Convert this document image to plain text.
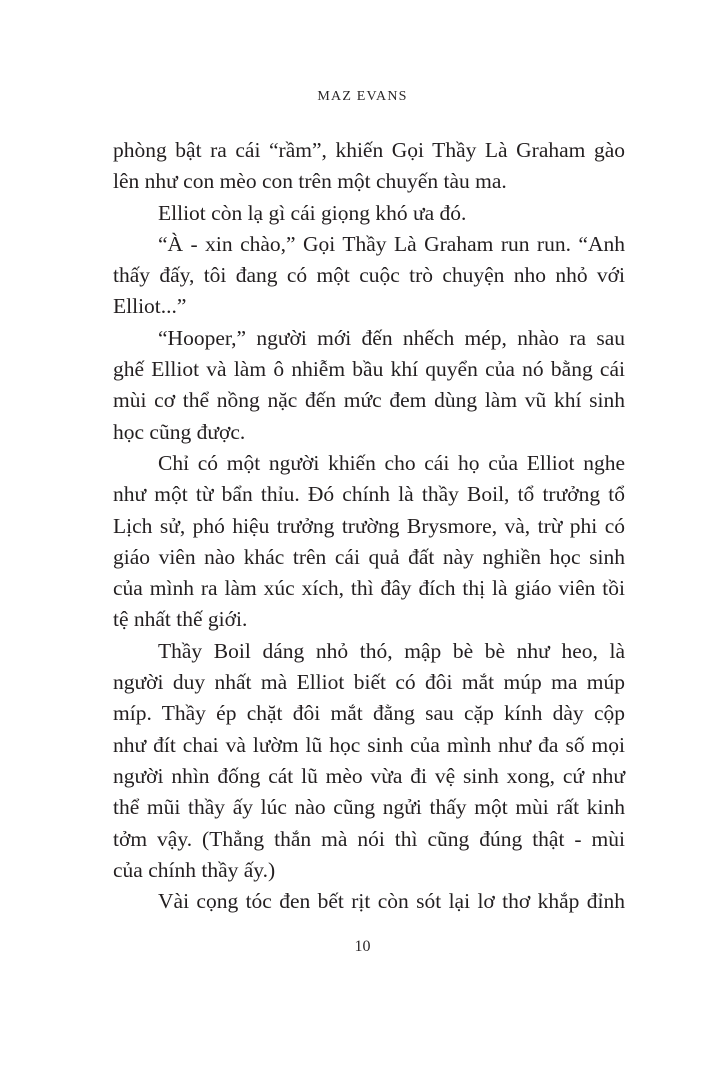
MAZ EVANS
phòng bật ra cái “rầm”, khiến Gọi Thầy Là Graham gào
lên như con mèo con trên một chuyến tàu ma.
Elliot còn lạ gì cái giọng khó ưa đó.
“À - xin chào,” Gọi Thầy Là Graham run run. “Anh
thấy đấy, tôi đang có một cuộc trò chuyện nho nhỏ với
Elliot...”
“Hooper,” người mới đến nhếch mép, nhào ra sau
ghế Elliot và làm ô nhiễm bầu khí quyển của nó bằng cái
mùi cơ thể nồng nặc đến mức đem dùng làm vũ khí sinh
học cũng được.
Chỉ có một người khiến cho cái họ của Elliot nghe
như một từ bẩn thỉu. Đó chính là thầy Boil, tổ trưởng tổ
Lịch sử, phó hiệu trưởng trường Brysmore, và, trừ phi có
giáo viên nào khác trên cái quả đất này nghiền học sinh
của mình ra làm xúc xích, thì đây đích thị là giáo viên tồi
tệ nhất thế giới.
Thầy Boil dáng nhỏ thó, mập bè bè như heo, là
người duy nhất mà Elliot biết có đôi mắt múp ma múp
míp. Thầy ép chặt đôi mắt đằng sau cặp kính dày cộp
như đít chai và lườm lũ học sinh của mình như đa số mọi
người nhìn đống cát lũ mèo vừa đi vệ sinh xong, cứ như
thể mũi thầy ấy lúc nào cũng ngửi thấy một mùi rất kinh
tởm vậy. (Thẳng thắn mà nói thì cũng đúng thật - mùi
của chính thầy ấy.)
Vài cọng tóc đen bết rịt còn sót lại lơ thơ khắp đỉnh
10
